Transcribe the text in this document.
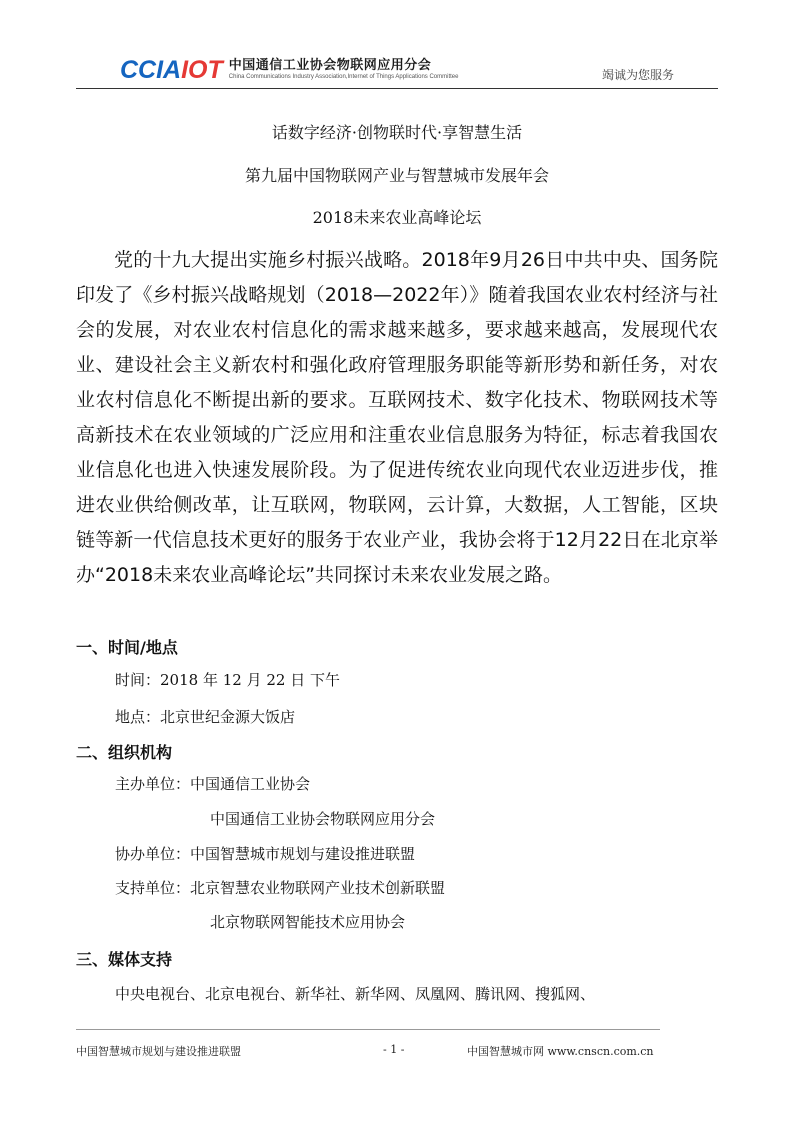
CCIAIOT 中国通信工业协会物联网应用分会
China Communications Industry Association,Internet of Things Applications Committee	竭诚为您服务
话数字经济·创物联时代·享智慧生活
第九届中国物联网产业与智慧城市发展年会
2018未来农业高峰论坛

党的十九大提出实施乡村振兴战略。2018年9月26日中共中央、国务院印发了《乡村振兴战略规划（2018—2022年）》随着我国农业农村经济与社会的发展，对农业农村信息化的需求越来越多，要求越来越高，发展现代农业、建设社会主义新农村和强化政府管理服务职能等新形势和新任务，对农业农村信息化不断提出新的要求。互联网技术、数字化技术、物联网技术等高新技术在农业领域的广泛应用和注重农业信息服务为特征，标志着我国农业信息化也进入快速发展阶段。为了促进传统农业向现代农业迈进步伐，推进农业供给侧改革，让互联网，物联网，云计算，大数据，人工智能，区块链等新一代信息技术更好的服务于农业产业，我协会将于12月22日在北京举办“2018未来农业高峰论坛”共同探讨未来农业发展之路。

一、时间/地点
时间：2018 年 12 月 22 日 下午
地点：北京世纪金源大饭店
二、组织机构
主办单位：中国通信工业协会
中国通信工业协会物联网应用分会
协办单位：中国智慧城市规划与建设推进联盟
支持单位：北京智慧农业物联网产业技术创新联盟
北京物联网智能技术应用协会
三、媒体支持
中央电视台、北京电视台、新华社、新华网、凤凰网、腾讯网、搜狐网、
中国智慧城市规划与建设推进联盟	- 1 -	中国智慧城市网 www.cnscn.com.cn
